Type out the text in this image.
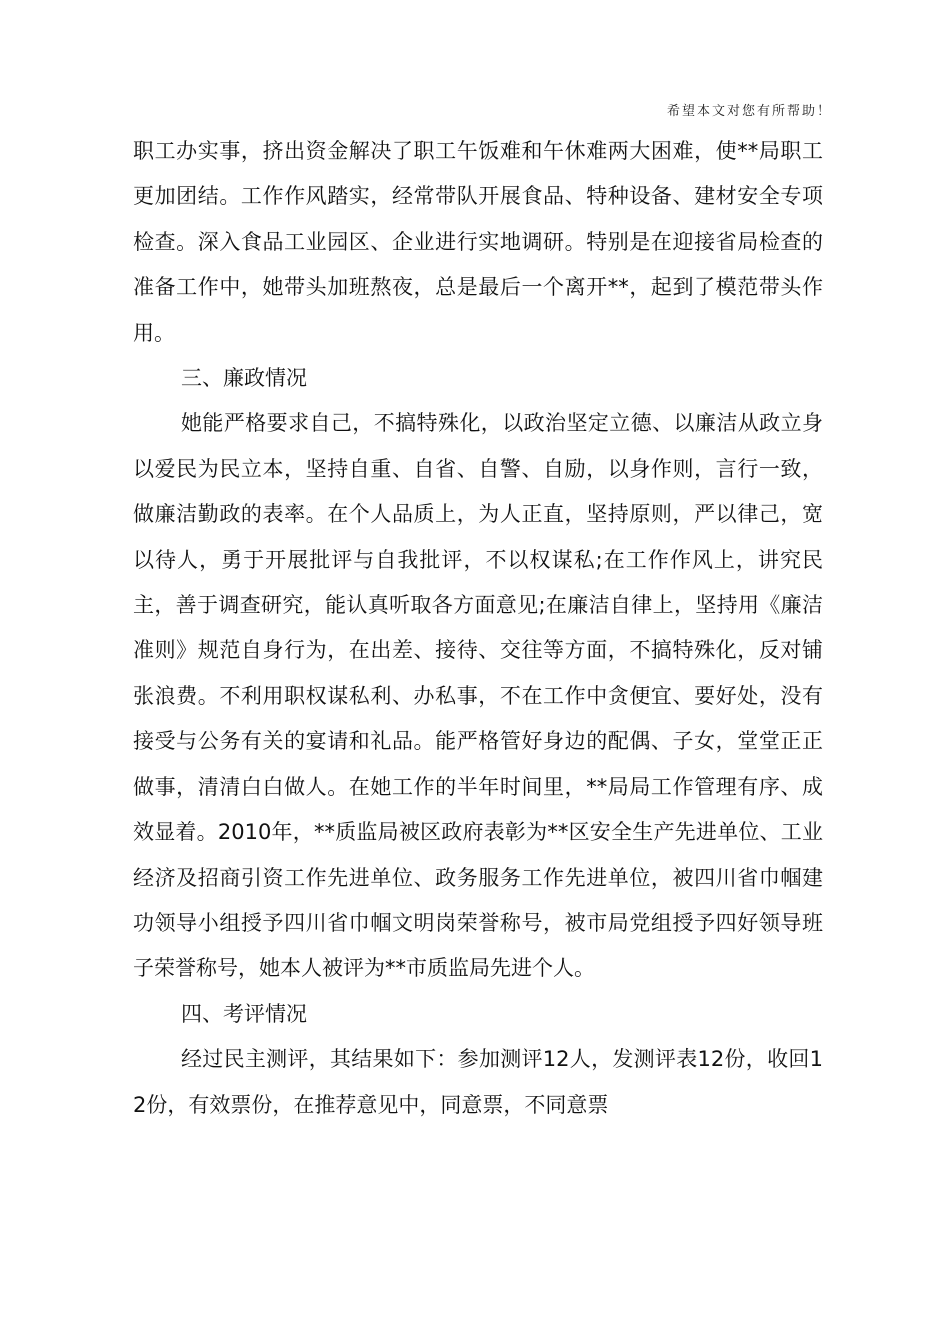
希望本文对您有所帮助！

职工办实事，挤出资金解决了职工午饭难和午休难两大困难，使**局职工更加团结。工作作风踏实，经常带队开展食品、特种设备、建材安全专项检查。深入食品工业园区、企业进行实地调研。特别是在迎接省局检查的准备工作中，她带头加班熬夜，总是最后一个离开**，起到了模范带头作用。

三、廉政情况

她能严格要求自己，不搞特殊化，以政治坚定立德、以廉洁从政立身以爱民为民立本，坚持自重、自省、自警、自励，以身作则，言行一致，做廉洁勤政的表率。在个人品质上，为人正直，坚持原则，严以律己，宽以待人，勇于开展批评与自我批评，不以权谋私;在工作作风上，讲究民主，善于调查研究，能认真听取各方面意见;在廉洁自律上，坚持用《廉洁准则》规范自身行为，在出差、接待、交往等方面，不搞特殊化，反对铺张浪费。不利用职权谋私利、办私事，不在工作中贪便宜、要好处，没有接受与公务有关的宴请和礼品。能严格管好身边的配偶、子女，堂堂正正做事，清清白白做人。在她工作的半年时间里，**局局工作管理有序、成效显着。2010年，**质监局被区政府表彰为**区安全生产先进单位、工业经济及招商引资工作先进单位、政务服务工作先进单位，被四川省巾帼建功领导小组授予四川省巾帼文明岗荣誉称号，被市局党组授予四好领导班子荣誉称号，她本人被评为**市质监局先进个人。

四、考评情况

经过民主测评，其结果如下：参加测评12人，发测评表12份，收回12份，有效票份，在推荐意见中，同意票，不同意票
